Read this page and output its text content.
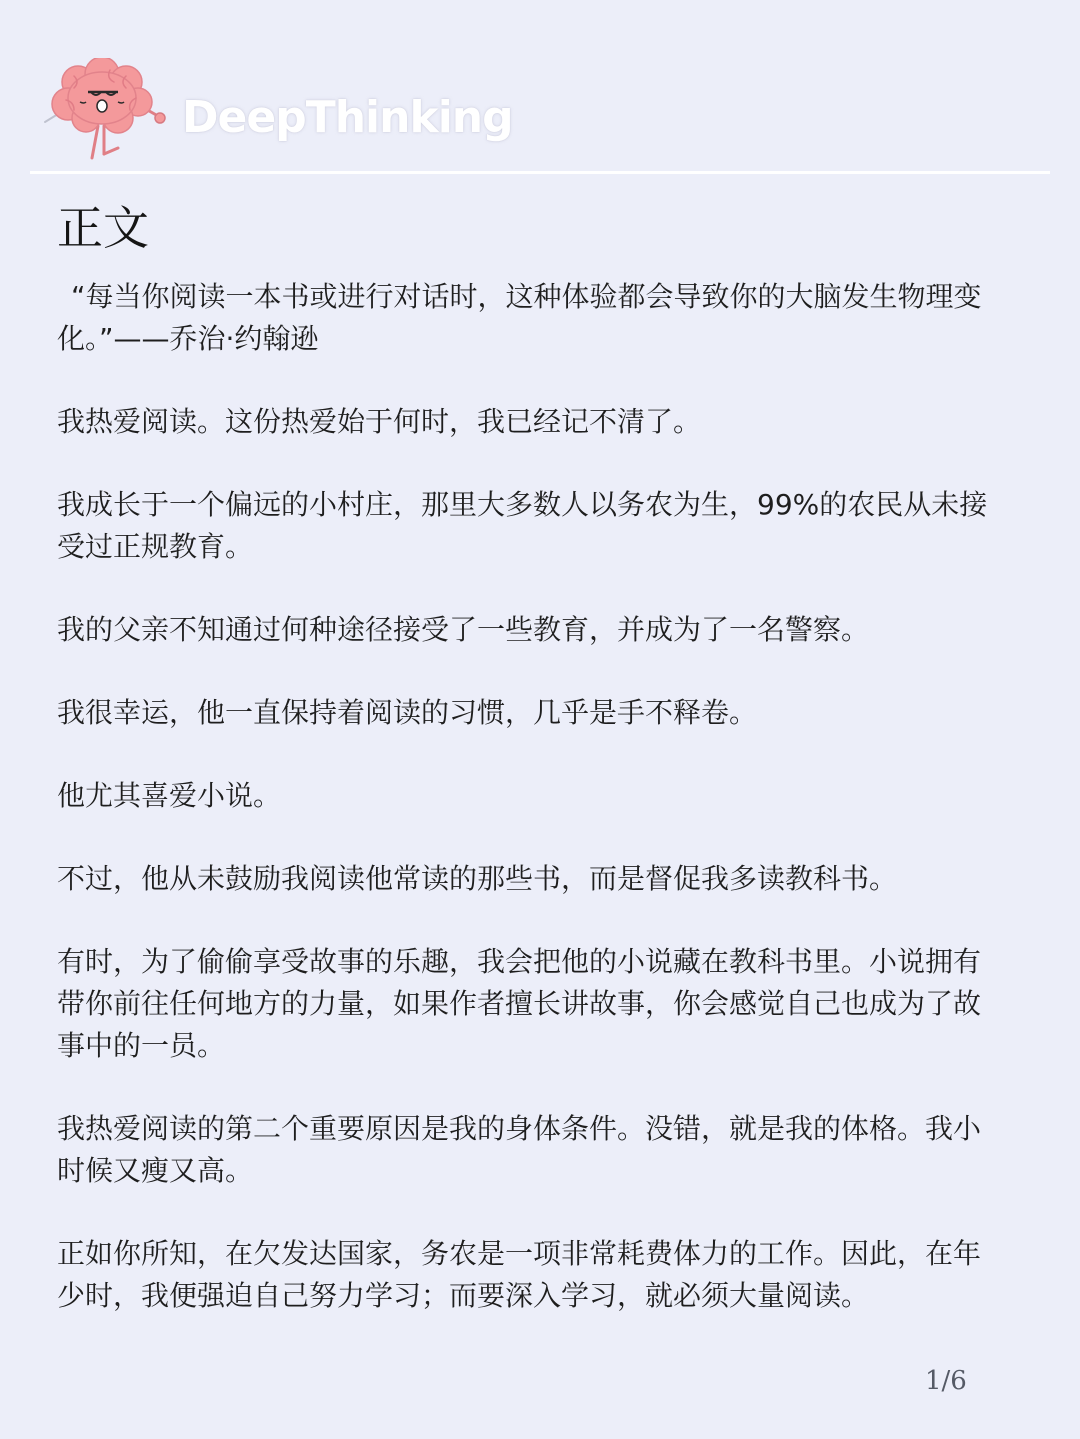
DeepThinking
正文

“每当你阅读一本书或进行对话时，这种体验都会导致你的大脑发生物理变化。”——乔治·约翰逊

我热爱阅读。这份热爱始于何时，我已经记不清了。

我成长于一个偏远的小村庄，那里大多数人以务农为生，99%的农民从未接受过正规教育。

我的父亲不知通过何种途径接受了一些教育，并成为了一名警察。

我很幸运，他一直保持着阅读的习惯，几乎是手不释卷。

他尤其喜爱小说。

不过，他从未鼓励我阅读他常读的那些书，而是督促我多读教科书。

有时，为了偷偷享受故事的乐趣，我会把他的小说藏在教科书里。小说拥有带你前往任何地方的力量，如果作者擅长讲故事，你会感觉自己也成为了故事中的一员。

我热爱阅读的第二个重要原因是我的身体条件。没错，就是我的体格。我小时候又瘦又高。

正如你所知，在欠发达国家，务农是一项非常耗费体力的工作。因此，在年少时，我便强迫自己努力学习；而要深入学习，就必须大量阅读。

1/6
